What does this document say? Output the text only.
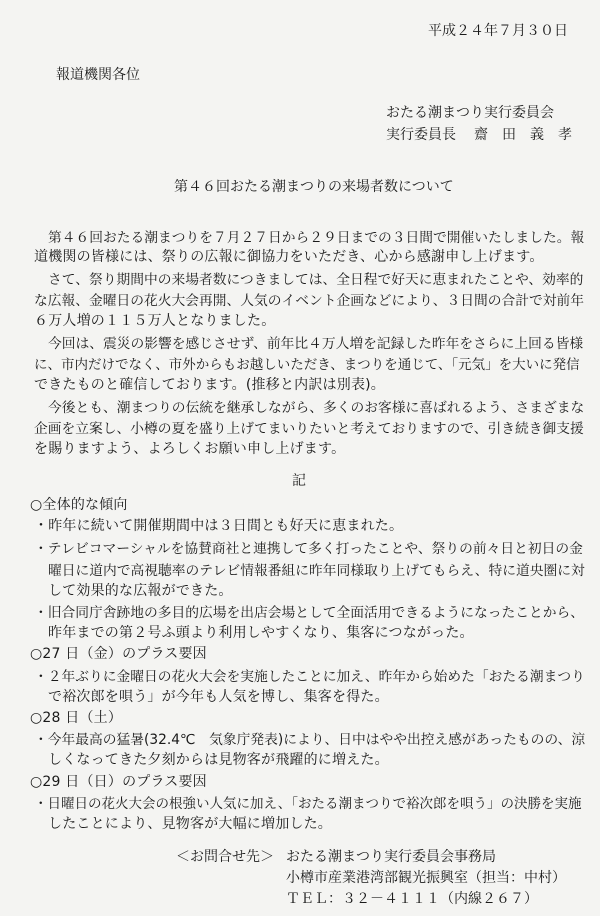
平成２４年７月３０日
報道機関各位
おたる潮まつり実行委員会
実行委員長 齋　田　義　孝
第４６回おたる潮まつりの来場者数について
第４６回おたる潮まつりを７月２７日から２９日までの３日間で開催いたしました。報
道機関の皆様には、祭りの広報に御協力をいただき、心から感謝申し上げます。
さて、祭り期間中の来場者数につきましては、全日程で好天に恵まれたことや、効率的
な広報、金曜日の花火大会再開、人気のイベント企画などにより、３日間の合計で対前年
６万人増の１１５万人となりました。
今回は、震災の影響を感じさせず、前年比４万人増を記録した昨年をさらに上回る皆様
に、市内だけでなく、市外からもお越しいただき、まつりを通じて、「元気」を大いに発信
できたものと確信しております。(推移と内訳は別表)。
今後とも、潮まつりの伝統を継承しながら、多くのお客様に喜ばれるよう、さまざまな
企画を立案し、小樽の夏を盛り上げてまいりたいと考えておりますので、引き続き御支援
を賜りますよう、よろしくお願い申し上げます。
記
○全体的な傾向
・昨年に続いて開催期間中は３日間とも好天に恵まれた。
・テレビコマーシャルを協賛商社と連携して多く打ったことや、祭りの前々日と初日の金
曜日に道内で高視聴率のテレビ情報番組に昨年同様取り上げてもらえ、特に道央圏に対
して効果的な広報ができた。
・旧合同庁舎跡地の多目的広場を出店会場として全面活用できるようになったことから、
昨年までの第２号ふ頭より利用しやすくなり、集客につながった。
○27 日（金）のプラス要因
・２年ぶりに金曜日の花火大会を実施したことに加え、昨年から始めた「おたる潮まつり
で裕次郎を唄う」が今年も人気を博し、集客を得た。
○28 日（土）
・今年最高の猛暑(32.4℃　気象庁発表)により、日中はやや出控え感があったものの、涼
しくなってきた夕刻からは見物客が飛躍的に増えた。
○29 日（日）のプラス要因
・日曜日の花火大会の根強い人気に加え、「おたる潮まつりで裕次郎を唄う」の決勝を実施
したことにより、見物客が大幅に増加した。
＜お問合せ先＞ おたる潮まつり実行委員会事務局
小樽市産業港湾部観光振興室（担当：中村）
ＴＥＬ：３２－４１１１（内線２６７）
